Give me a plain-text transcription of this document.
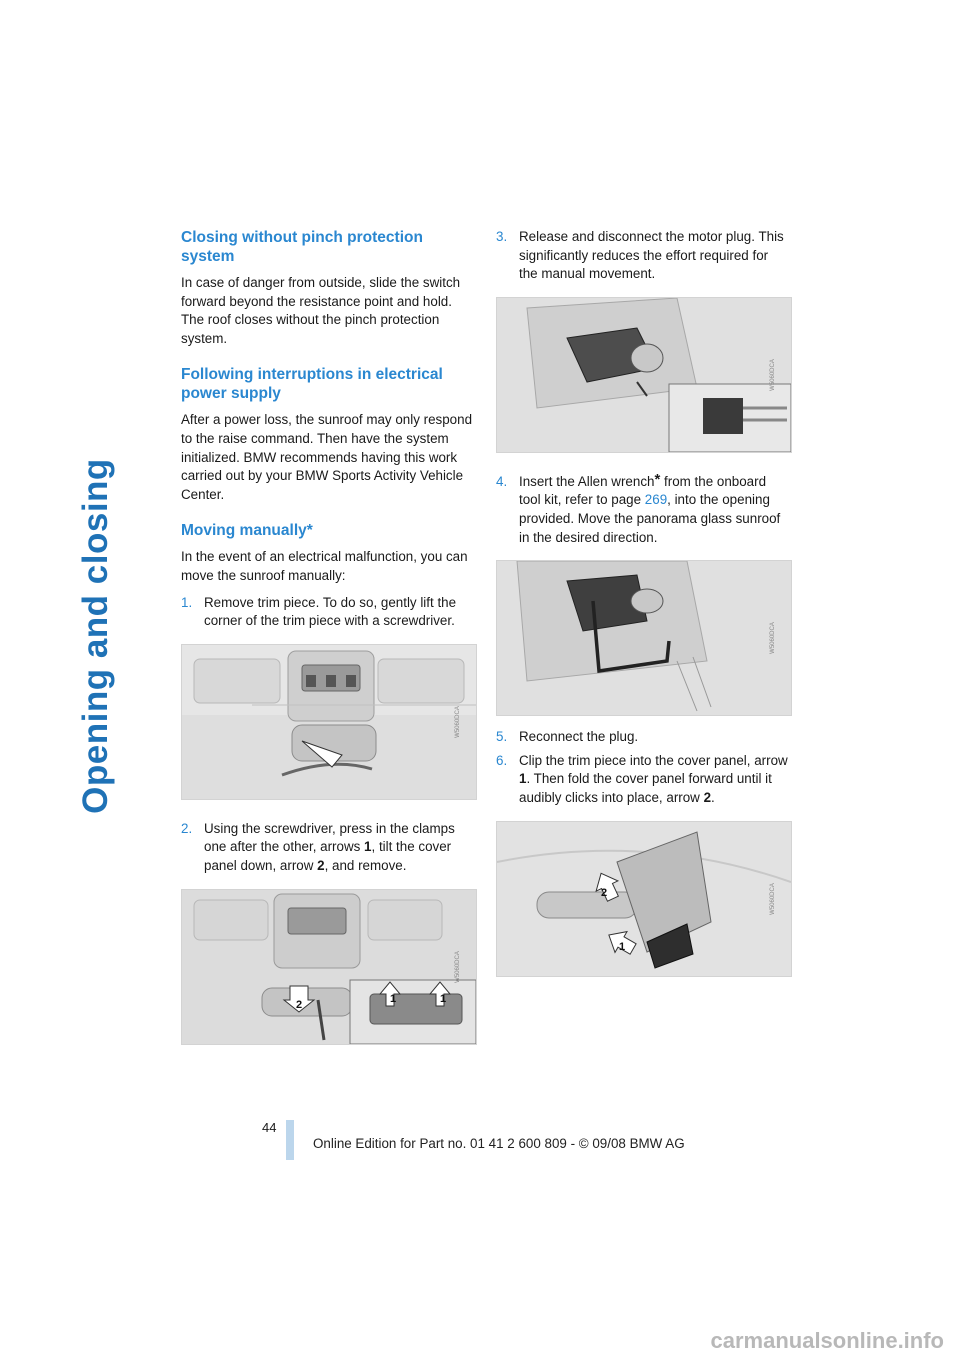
Opening and closing
Closing without pinch protection system

In case of danger from outside, slide the switch forward beyond the resistance point and hold. The roof closes without the pinch protection system.

Following interruptions in electrical power supply

After a power loss, the sunroof may only respond to the raise command. Then have the system initialized. BMW recommends having this work carried out by your BMW Sports Activity Vehicle Center.

Moving manually*

In the event of an electrical malfunction, you can move the sunroof manually:

1. Remove trim piece. To do so, gently lift the corner of the trim piece with a screwdriver.
W5060DCA
2. Using the screwdriver, press in the clamps one after the other, arrows 1, tilt the cover panel down, arrow 2, and remove.
1	1
2
W5060DCA
3. Release and disconnect the motor plug. This significantly reduces the effort required for the manual movement.
W5060DCA
4. Insert the Allen wrench* from the onboard tool kit, refer to page 269, into the opening provided. Move the panorama glass sunroof in the desired direction.
W5060DCA
5. Reconnect the plug.
6. Clip the trim piece into the cover panel, arrow 1. Then fold the cover panel forward until it audibly clicks into place, arrow 2.
2
1
W5060DCA
44
Online Edition for Part no. 01 41 2 600 809 - © 09/08 BMW AG
carmanualsonline.info
